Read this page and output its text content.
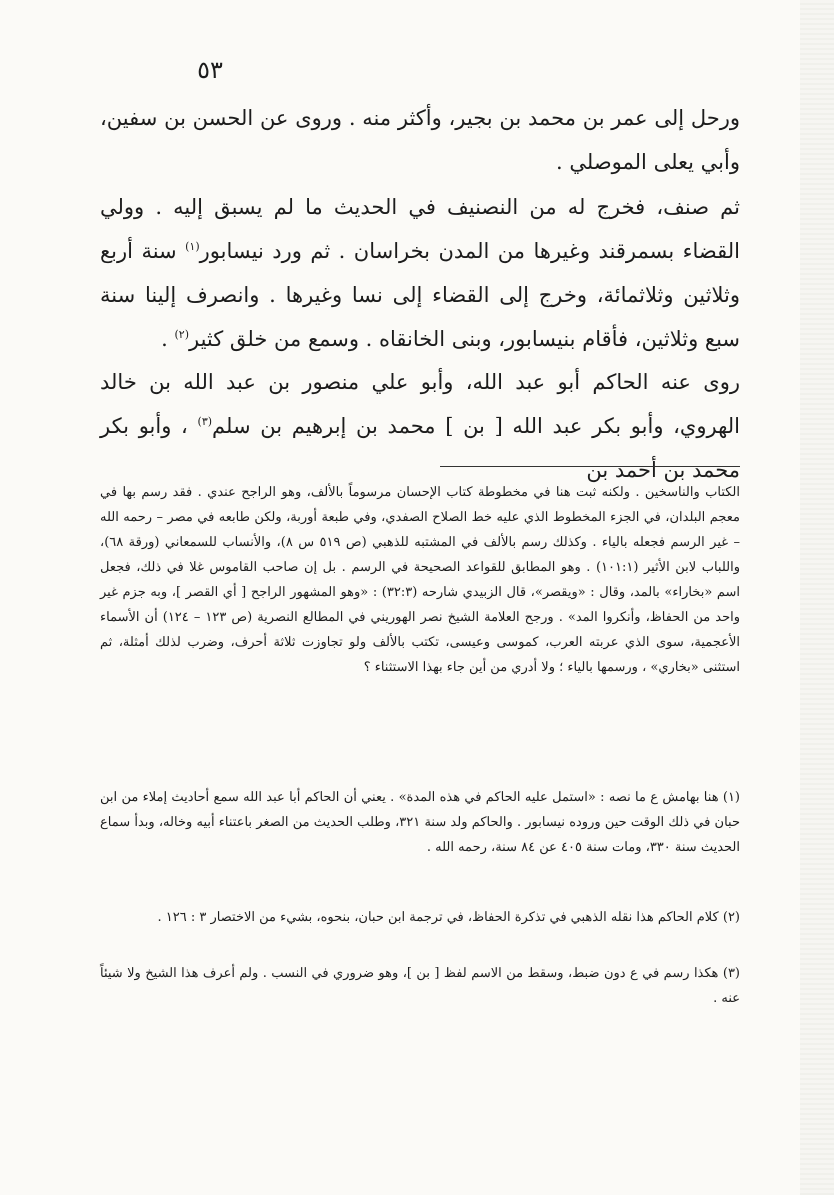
٥٣

ورحل إلى عمر بن محمد بن بجير، وأكثر منه . وروى عن الحسن بن سفين، وأبي يعلى الموصلي .

ثم صنف، فخرج له من النصنيف في الحديث ما لم يسبق إليه . وولي القضاء بسمرقند وغيرها من المدن بخراسان . ثم ورد نيسابور$^{(١)}$ سنة أربع وثلاثين وثلاثمائة، وخرج إلى القضاء إلى نسا وغيرها . وانصرف إلينا سنة سبع وثلاثين، فأقام بنيسابور، وبنى الخانقاه . وسمع من خلق كثير$^{(٢)}$ .

روى عنه الحاكم أبو عبد الله، وأبو علي منصور بن عبد الله بن خالد الهروي، وأبو بكر عبد الله [ بن ] محمد بن إبرهيم بن سلم$^{(٣)}$ ، وأبو بكر محمد بن أحمد بن

الكتاب والناسخين . ولكنه ثبت هنا في مخطوطة كتاب الإحسان مرسوماً بالألف، وهو الراجح عندي . فقد رسم بها في معجم البلدان، في الجزء المخطوط الذي عليه خط الصلاح الصفدي، وفي طبعة أوربة، ولكن طابعه في مصر – رحمه الله – غير الرسم فجعله بالياء . وكذلك رسم بالألف في المشتبه للذهبي (ص ٥١٩ س ٨)، والأنساب للسمعاني (ورقة ٦٨)، واللباب لابن الأثير (١٠١:١) . وهو المطابق للقواعد الصحيحة في الرسم . بل إن صاحب القاموس غلا في ذلك، فجعل اسم «بخاراء» بالمد، وقال : «ويقصر»، قال الزبيدي شارحه (٣٢:٣) : «وهو المشهور الراجح [ أي القصر ]، وبه جزم غير واحد من الحفاظ، وأنكروا المد» . ورجح العلامة الشيخ نصر الهوريني في المطالع النصرية (ص ١٢٣ – ١٢٤) أن الأسماء الأعجمية، سوى الذي عربته العرب، كموسى وعيسى، تكتب بالألف ولو تجاوزت ثلاثة أحرف، وضرب لذلك أمثلة، ثم استثنى «بخاري» ، ورسمها بالياء ؛ ولا أدري من أين جاء بهذا الاستثناء ؟

(١) هنا بهامش ع ما نصه : «استمل عليه الحاكم في هذه المدة» . يعني أن الحاكم أبا عبد الله سمع أحاديث إملاء من ابن حبان في ذلك الوقت حين وروده نيسابور . والحاكم ولد سنة ٣٢١، وطلب الحديث من الصغر باعتناء أبيه وخاله، وبدأ سماع الحديث سنة ٣٣٠، ومات سنة ٤٠٥ عن ٨٤ سنة، رحمه الله .

(٢) كلام الحاكم هذا نقله الذهبي في تذكرة الحفاظ، في ترجمة ابن حبان، بنحوه، بشيء من الاختصار ٣ : ١٢٦ .

(٣) هكذا رسم في ع دون ضبط، وسقط من الاسم لفظ [ بن ]، وهو ضروري في النسب . ولم أعرف هذا الشيخ ولا شيئاً عنه .
